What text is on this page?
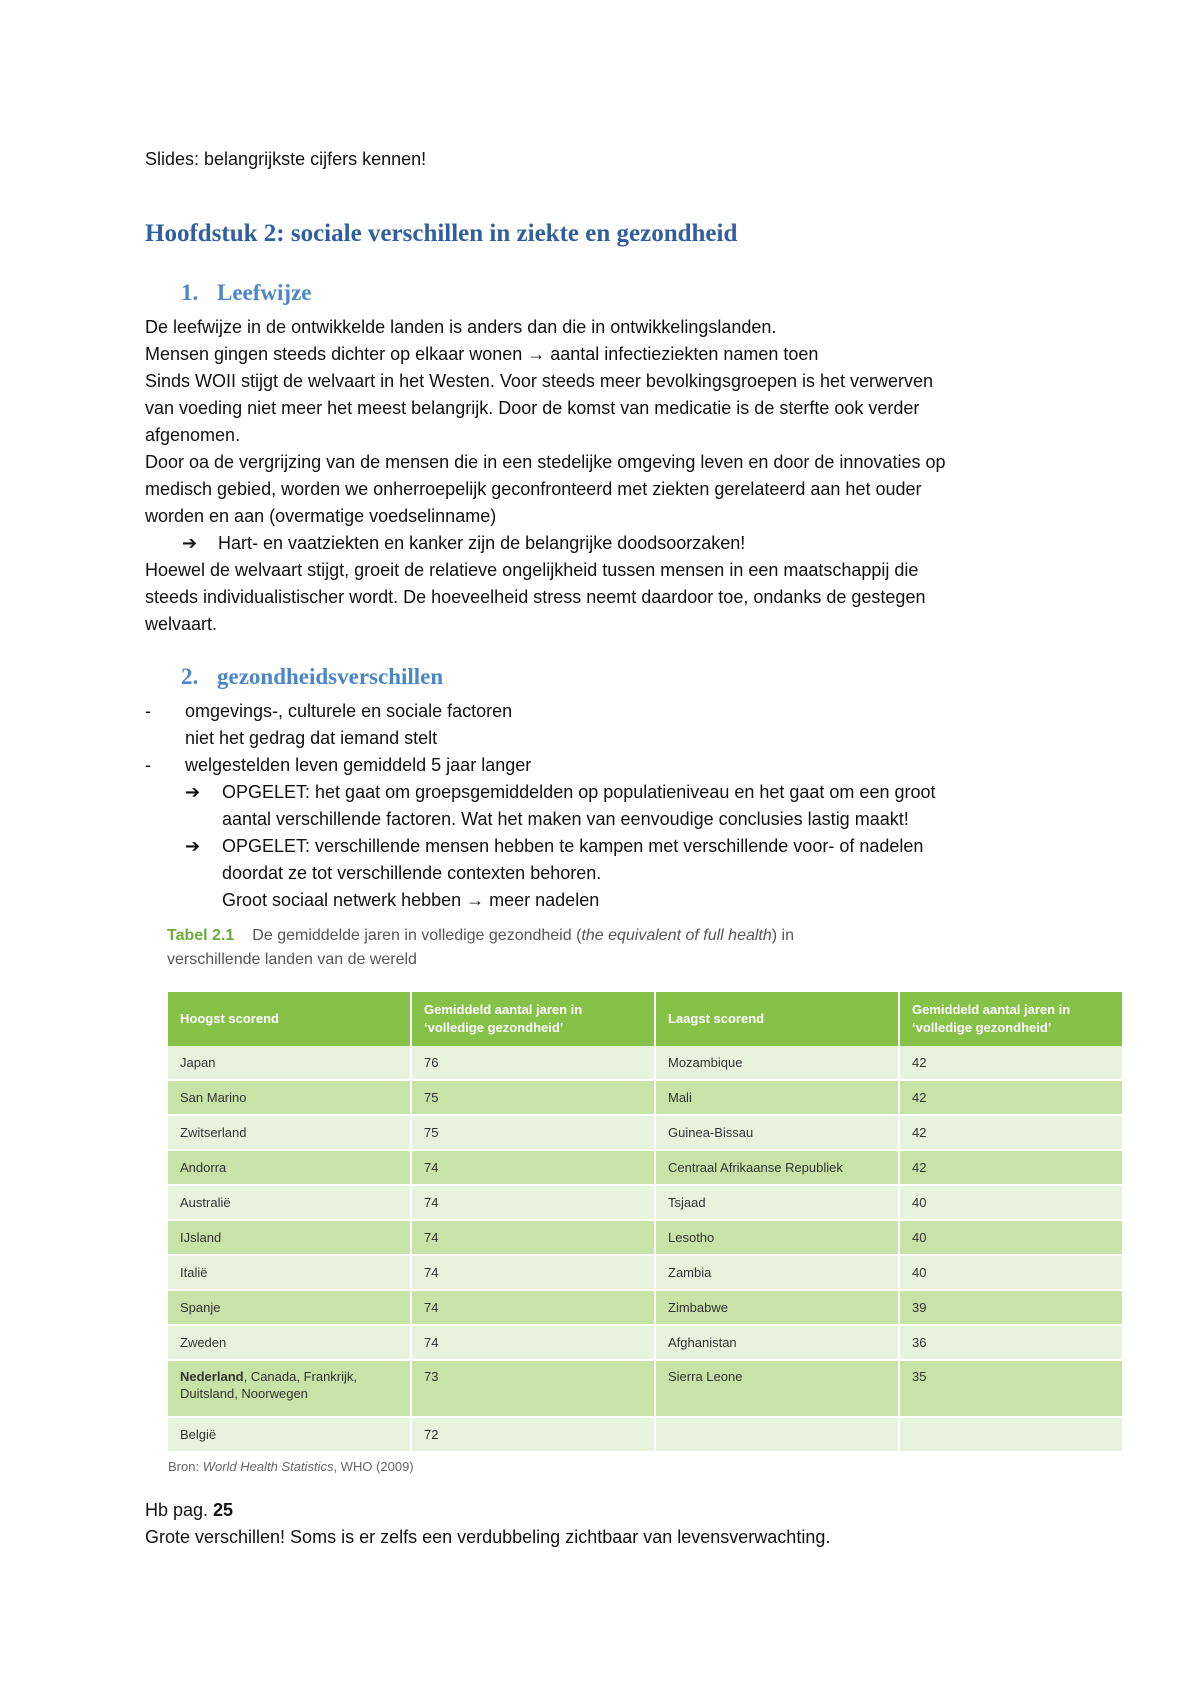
Slides: belangrijkste cijfers kennen!

Hoofdstuk 2: sociale verschillen in ziekte en gezondheid
1. Leefwijze
De leefwijze in de ontwikkelde landen is anders dan die in ontwikkelingslanden.
Mensen gingen steeds dichter op elkaar wonen → aantal infectieziekten namen toen
Sinds WOII stijgt de welvaart in het Westen. Voor steeds meer bevolkingsgroepen is het verwerven
van voeding niet meer het meest belangrijk. Door de komst van medicatie is de sterfte ook verder
afgenomen.
Door oa de vergrijzing van de mensen die in een stedelijke omgeving leven en door de innovaties op
medisch gebied, worden we onherroepelijk geconfronteerd met ziekten gerelateerd aan het ouder
worden en aan (overmatige voedselinname)
➔ Hart- en vaatziekten en kanker zijn de belangrijke doodsoorzaken!
Hoewel de welvaart stijgt, groeit de relatieve ongelijkheid tussen mensen in een maatschappij die
steeds individualistischer wordt. De hoeveelheid stress neemt daardoor toe, ondanks de gestegen
welvaart.
2. gezondheidsverschillen
- omgevings-, culturele en sociale factoren
niet het gedrag dat iemand stelt
- welgestelden leven gemiddeld 5 jaar langer
➔ OPGELET: het gaat om groepsgemiddelden op populatieniveau en het gaat om een groot
aantal verschillende factoren. Wat het maken van eenvoudige conclusies lastig maakt!
➔ OPGELET: verschillende mensen hebben te kampen met verschillende voor- of nadelen
doordat ze tot verschillende contexten behoren.
Groot sociaal netwerk hebben → meer nadelen
Tabel 2.1 De gemiddelde jaren in volledige gezondheid (the equivalent of full health) in
verschillende landen van de wereld
Hoogst scorend	Gemiddeld aantal jaren in ‘volledige gezondheid’	Laagst scorend	Gemiddeld aantal jaren in ‘volledige gezondheid’
Japan	76	Mozambique	42
San Marino	75	Mali	42
Zwitserland	75	Guinea-Bissau	42
Andorra	74	Centraal Afrikaanse Republiek	42
Australië	74	Tsjaad	40
IJsland	74	Lesotho	40
Italië	74	Zambia	40
Spanje	74	Zimbabwe	39
Zweden	74	Afghanistan	36
Nederland, Canada, Frankrijk, Duitsland, Noorwegen	73	Sierra Leone	35
België	72		
Bron: World Health Statistics, WHO (2009)
Hb pag. 25
Grote verschillen! Soms is er zelfs een verdubbeling zichtbaar van levensverwachting.
